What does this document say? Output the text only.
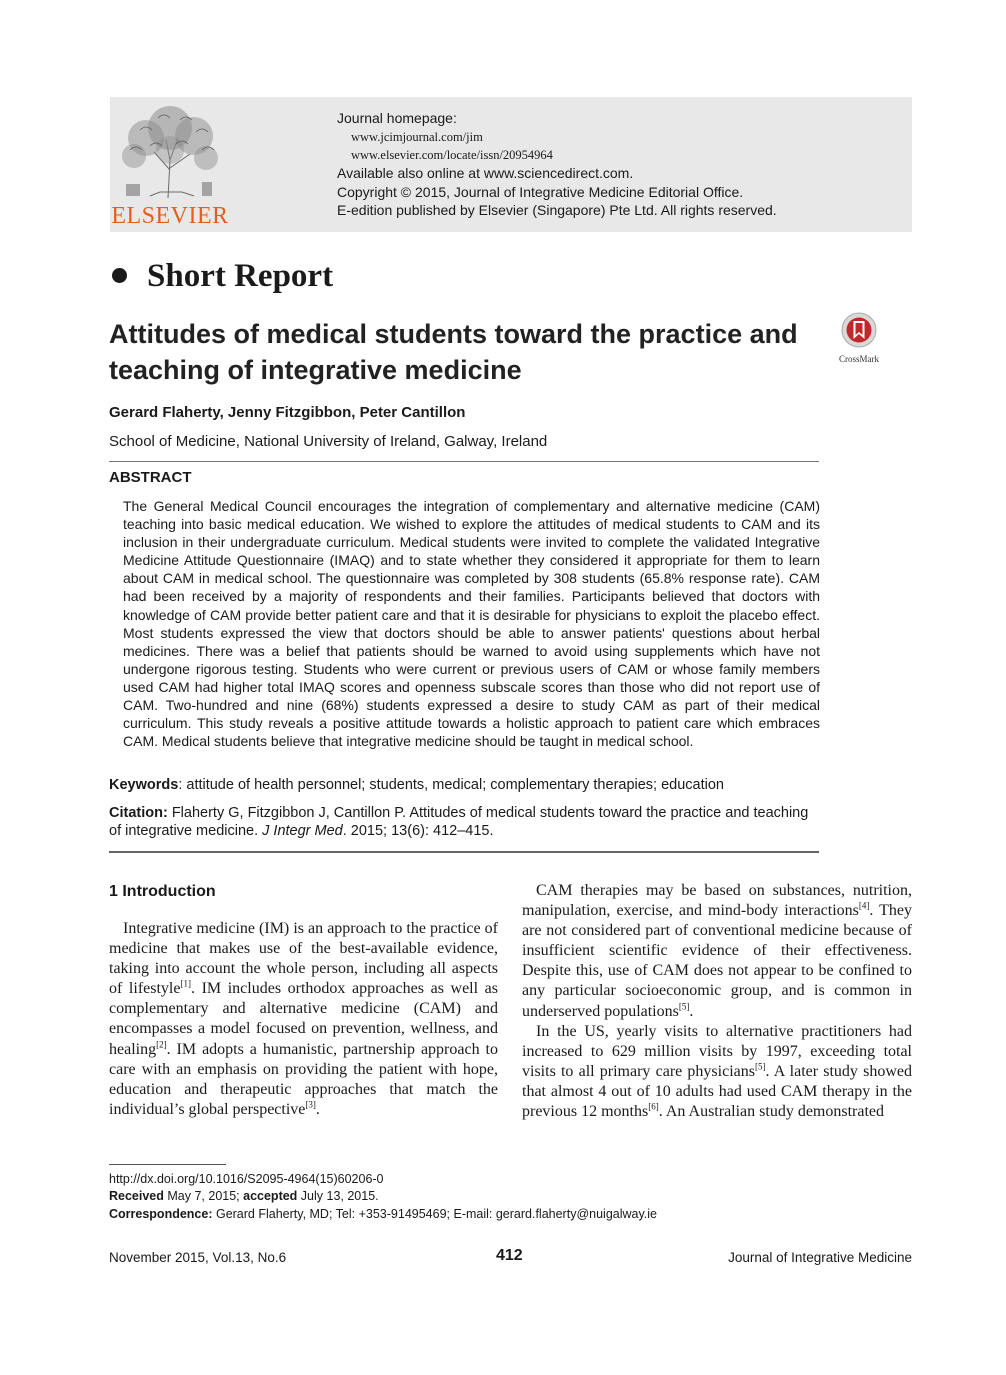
ELSEVIER
Journal homepage:
www.jcimjournal.com/jim
www.elsevier.com/locate/issn/20954964
Available also online at www.sciencedirect.com.
Copyright © 2015, Journal of Integrative Medicine Editorial Office.
E-edition published by Elsevier (Singapore) Pte Ltd. All rights reserved.
Short Report
Attitudes of medical students toward the practice and teaching of integrative medicine	CrossMark
Gerard Flaherty, Jenny Fitzgibbon, Peter Cantillon
School of Medicine, National University of Ireland, Galway, Ireland
ABSTRACT
The General Medical Council encourages the integration of complementary and alternative medicine (CAM) teaching into basic medical education. We wished to explore the attitudes of medical students to CAM and its inclusion in their undergraduate curriculum. Medical students were invited to complete the validated Integrative Medicine Attitude Questionnaire (IMAQ) and to state whether they considered it appropriate for them to learn about CAM in medical school. The questionnaire was completed by 308 students (65.8% response rate). CAM had been received by a majority of respondents and their families. Participants believed that doctors with knowledge of CAM provide better patient care and that it is desirable for physicians to exploit the placebo effect. Most students expressed the view that doctors should be able to answer patients' questions about herbal medicines. There was a belief that patients should be warned to avoid using supplements which have not undergone rigorous testing. Students who were current or previous users of CAM or whose family members used CAM had higher total IMAQ scores and openness subscale scores than those who did not report use of CAM. Two-hundred and nine (68%) students expressed a desire to study CAM as part of their medical curriculum. This study reveals a positive attitude towards a holistic approach to patient care which embraces CAM. Medical students believe that integrative medicine should be taught in medical school.
Keywords: attitude of health personnel; students, medical; complementary therapies; education
Citation: Flaherty G, Fitzgibbon J, Cantillon P. Attitudes of medical students toward the practice and teaching of integrative medicine. J Integr Med. 2015; 13(6): 412–415.
1 Introduction

Integrative medicine (IM) is an approach to the practice of medicine that makes use of the best-available evidence, taking into account the whole person, including all aspects of lifestyle[1]. IM includes orthodox approaches as well as complementary and alternative medicine (CAM) and encompasses a model focused on prevention, wellness, and healing[2]. IM adopts a humanistic, partnership approach to care with an emphasis on providing the patient with hope, education and therapeutic approaches that match the individual’s global perspective[3].

CAM therapies may be based on substances, nutrition, manipulation, exercise, and mind-body interactions[4]. They are not considered part of conventional medicine because of insufficient scientific evidence of their effectiveness. Despite this, use of CAM does not appear to be confined to any particular socioeconomic group, and is common in underserved populations[5].

In the US, yearly visits to alternative practitioners had increased to 629 million visits by 1997, exceeding total visits to all primary care physicians[5]. A later study showed that almost 4 out of 10 adults had used CAM therapy in the previous 12 months[6]. An Australian study demonstrated

http://dx.doi.org/10.1016/S2095-4964(15)60206-0
Received May 7, 2015; accepted July 13, 2015.
Correspondence: Gerard Flaherty, MD; Tel: +353-91495469; E-mail: gerard.flaherty@nuigalway.ie
November 2015, Vol.13, No.6	412	Journal of Integrative Medicine
